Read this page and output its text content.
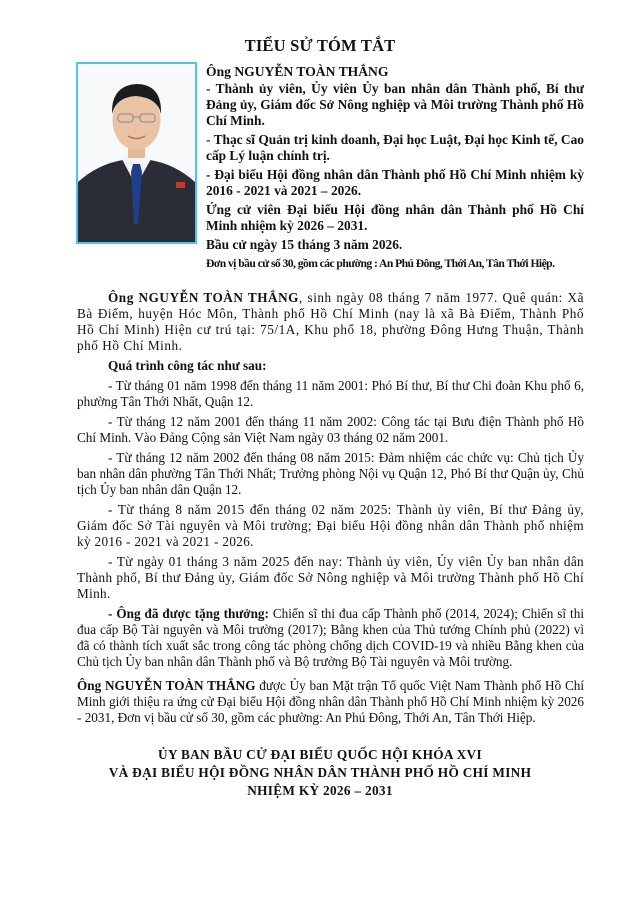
TIỂU SỬ TÓM TẮT

Ông NGUYỄN TOÀN THẮNG

- Thành ủy viên, Ủy viên Ủy ban nhân dân Thành phố, Bí thư Đảng ủy, Giám đốc Sở Nông nghiệp và Môi trường Thành phố Hồ Chí Minh.

- Thạc sĩ Quản trị kinh doanh, Đại học Luật, Đại học Kinh tế, Cao cấp Lý luận chính trị.

- Đại biểu Hội đồng nhân dân Thành phố Hồ Chí Minh nhiệm kỳ 2016 - 2021 và 2021 – 2026.

Ứng cử viên Đại biểu Hội đồng nhân dân Thành phố Hồ Chí Minh nhiệm kỳ 2026 – 2031.

Bầu cử ngày 15 tháng 3 năm 2026.

Đơn vị bầu cử số 30, gồm các phường : An Phú Đông, Thới An, Tân Thới Hiệp.

Ông NGUYỄN TOÀN THẮNG, sinh ngày 08 tháng 7 năm 1977. Quê quán: Xã Bà Điểm, huyện Hóc Môn, Thành phố Hồ Chí Minh (nay là xã Bà Điểm, Thành Phố Hồ Chí Minh) Hiện cư trú tại: 75/1A, Khu phố 18, phường Đông Hưng Thuận, Thành phố Hồ Chí Minh.

Quá trình công tác như sau:

- Từ tháng 01 năm 1998 đến tháng 11 năm 2001: Phó Bí thư, Bí thư Chi đoàn Khu phố 6, phường Tân Thới Nhất, Quận 12.

- Từ tháng 12 năm 2001 đến tháng 11 năm 2002: Công tác tại Bưu điện Thành phố Hồ Chí Minh. Vào Đảng Cộng sản Việt Nam ngày 03 tháng 02 năm 2001.

- Từ tháng 12 năm 2002 đến tháng 08 năm 2015: Đảm nhiệm các chức vụ: Chủ tịch Ủy ban nhân dân phường Tân Thới Nhất; Trưởng phòng Nội vụ Quận 12, Phó Bí thư Quận ủy, Chủ tịch Ủy ban nhân dân Quận 12.

- Từ tháng 8 năm 2015 đến tháng 02 năm 2025: Thành ủy viên, Bí thư Đảng ủy, Giám đốc Sở Tài nguyên và Môi trường; Đại biểu Hội đồng nhân dân Thành phố nhiệm kỳ 2016 - 2021 và 2021 - 2026.

- Từ ngày 01 tháng 3 năm 2025 đến nay: Thành ủy viên, Ủy viên Ủy ban nhân dân Thành phố, Bí thư Đảng ủy, Giám đốc Sở Nông nghiệp và Môi trường Thành phố Hồ Chí Minh.

- Ông đã được tặng thưởng: Chiến sĩ thi đua cấp Thành phố (2014, 2024); Chiến sĩ thi đua cấp Bộ Tài nguyên và Môi trường (2017); Bằng khen của Thủ tướng Chính phủ (2022) vì đã có thành tích xuất sắc trong công tác phòng chống dịch COVID-19 và nhiều Bằng khen của Chủ tịch Ủy ban nhân dân Thành phố và Bộ trưởng Bộ Tài nguyên và Môi trường.

Ông NGUYỄN TOÀN THẮNG được Ủy ban Mặt trận Tổ quốc Việt Nam Thành phố Hồ Chí Minh giới thiệu ra ứng cử Đại biểu Hội đồng nhân dân Thành phố Hồ Chí Minh nhiệm kỳ 2026 - 2031, Đơn vị bầu cử số 30, gồm các phường: An Phú Đông, Thới An, Tân Thới Hiệp.

ỦY BAN BẦU CỬ ĐẠI BIỂU QUỐC HỘI KHÓA XVI
VÀ ĐẠI BIỂU HỘI ĐỒNG NHÂN DÂN THÀNH PHỐ HỒ CHÍ MINH
NHIỆM KỲ 2026 – 2031
